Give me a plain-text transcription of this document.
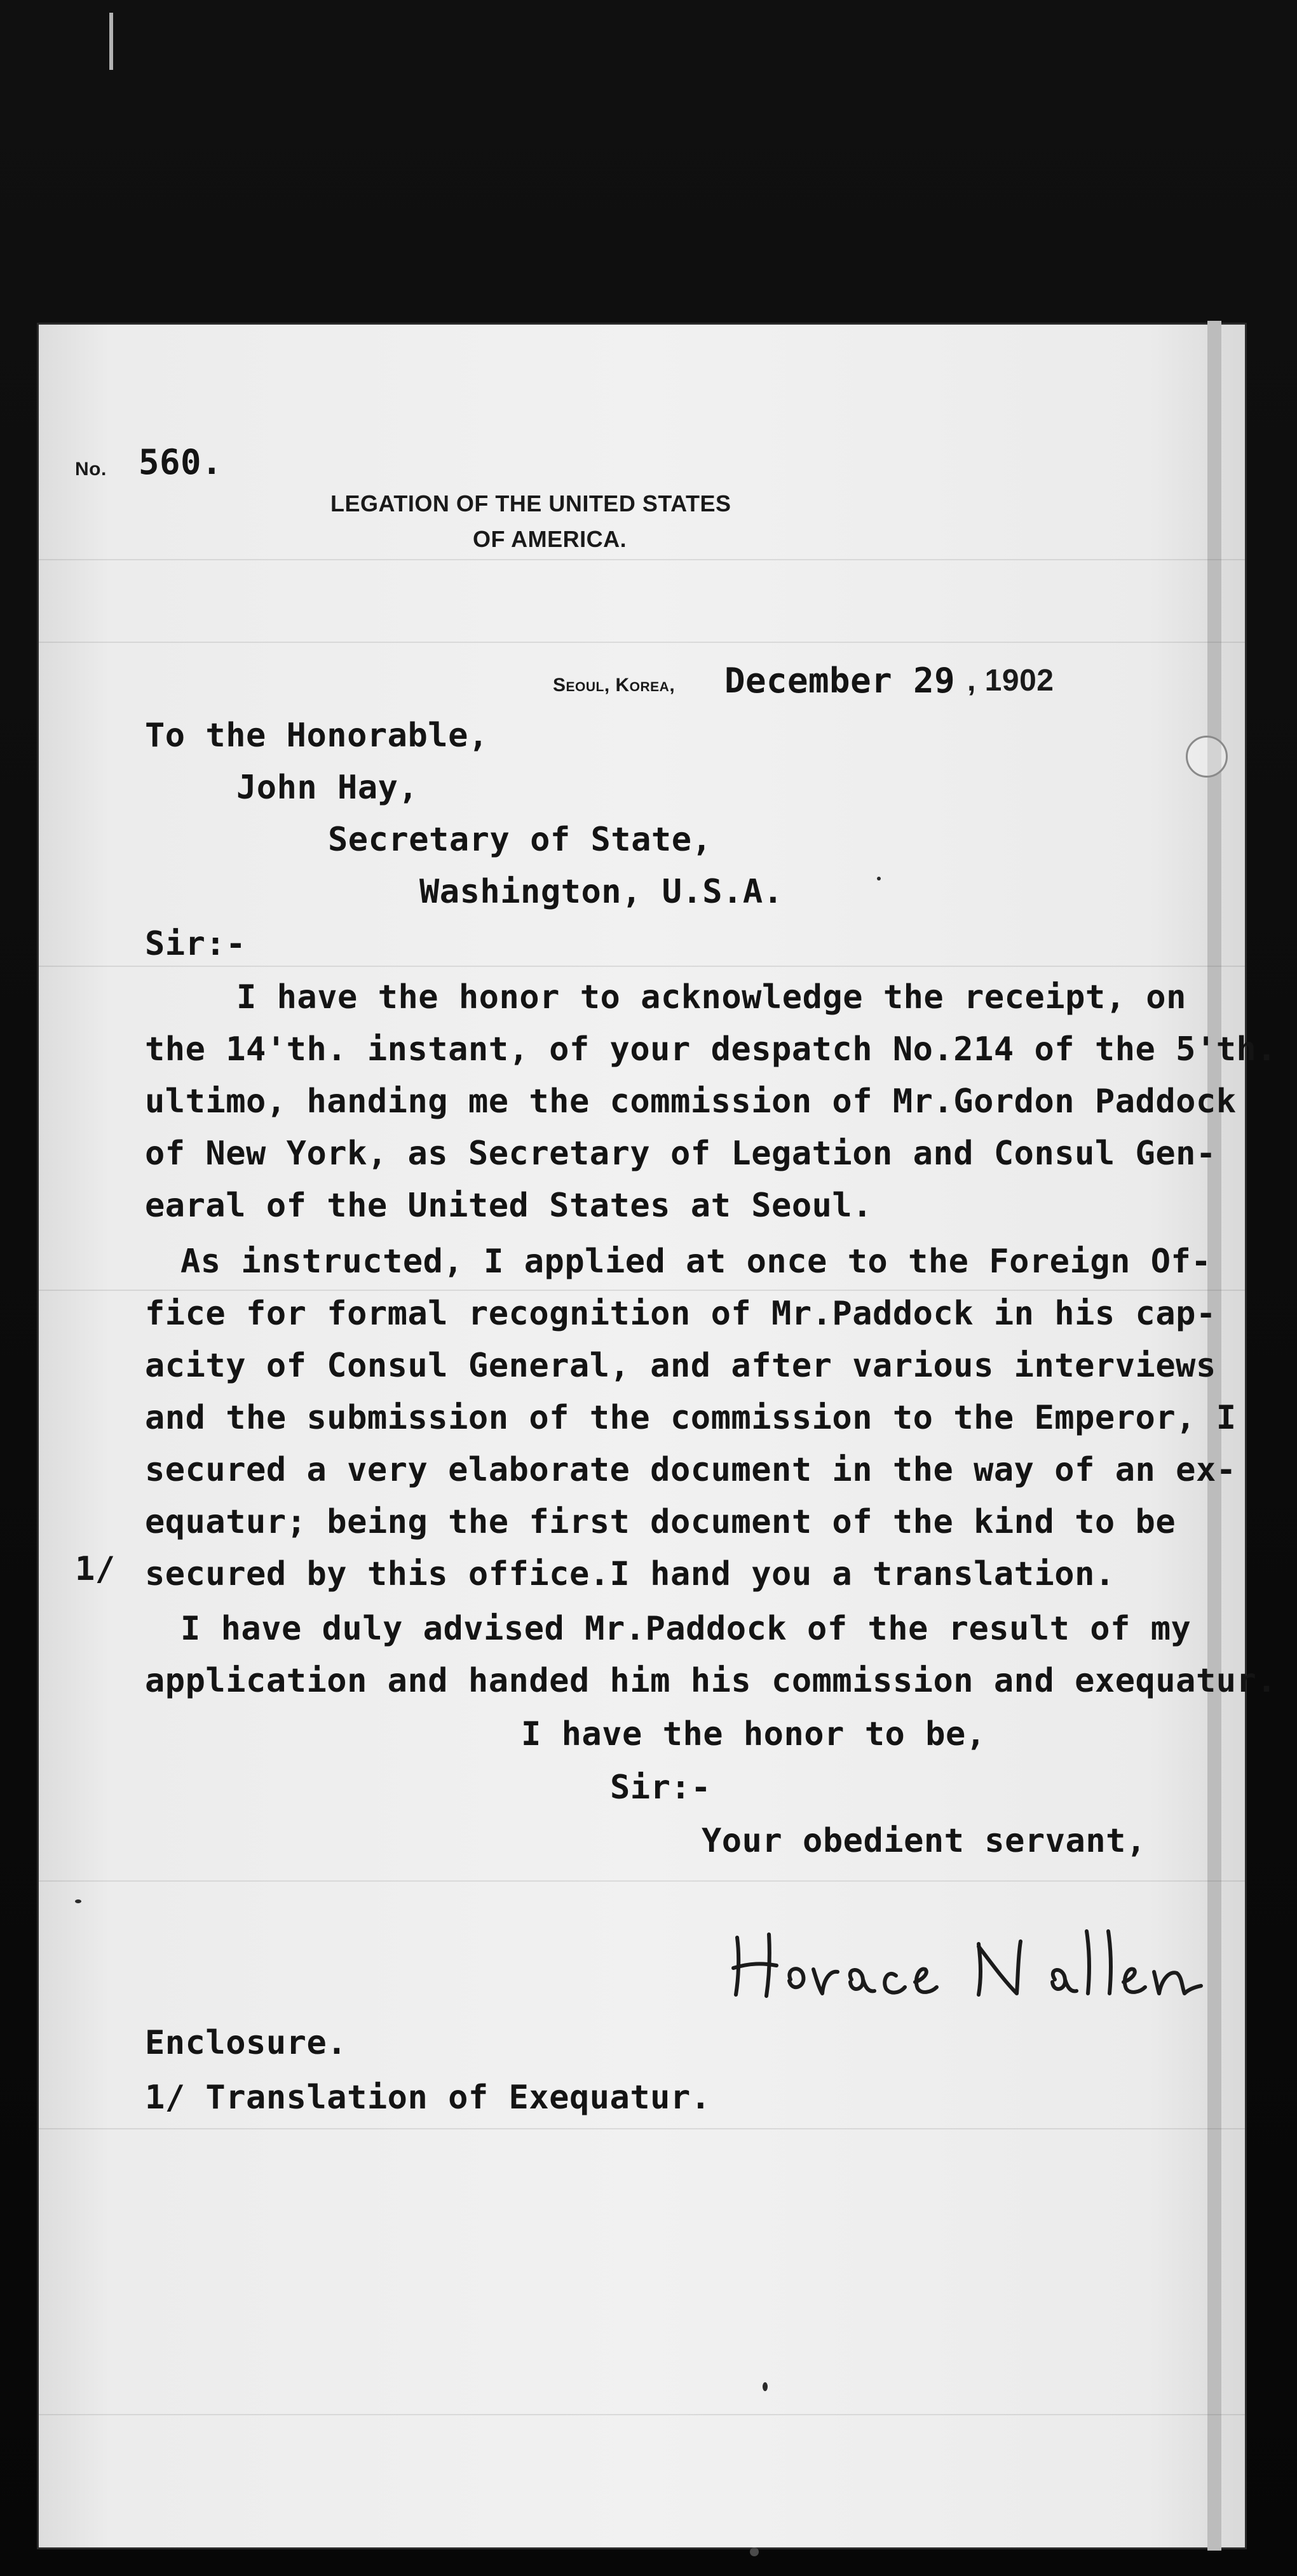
No. 560.

LEGATION OF THE UNITED STATES

OF AMERICA.

Seoul, Korea, December 29 , 1902

To the Honorable,

John Hay,

Secretary of State,

Washington, U.S.A.

Sir:-

I have the honor to acknowledge the receipt, on

the 14'th. instant, of your despatch No.214 of the 5'th.

ultimo, handing me the commission of Mr.Gordon Paddock

of New York, as Secretary of Legation and Consul Gen-

earal of the United States at Seoul.

As instructed, I applied at once to the Foreign Of-

fice for formal recognition of Mr.Paddock in his cap-

acity of Consul General, and after various interviews

and the submission of the commission to the Emperor, I

secured a very elaborate document in the way of an ex-

equatur; being the first document of the kind to be

secured by this office.I hand you a translation.

I have duly advised Mr.Paddock of the result of my

application and handed him his commission and exequatur.

1/

I have the honor to be,

Sir:-

Your obedient servant,

Enclosure.

1/ Translation of Exequatur.
